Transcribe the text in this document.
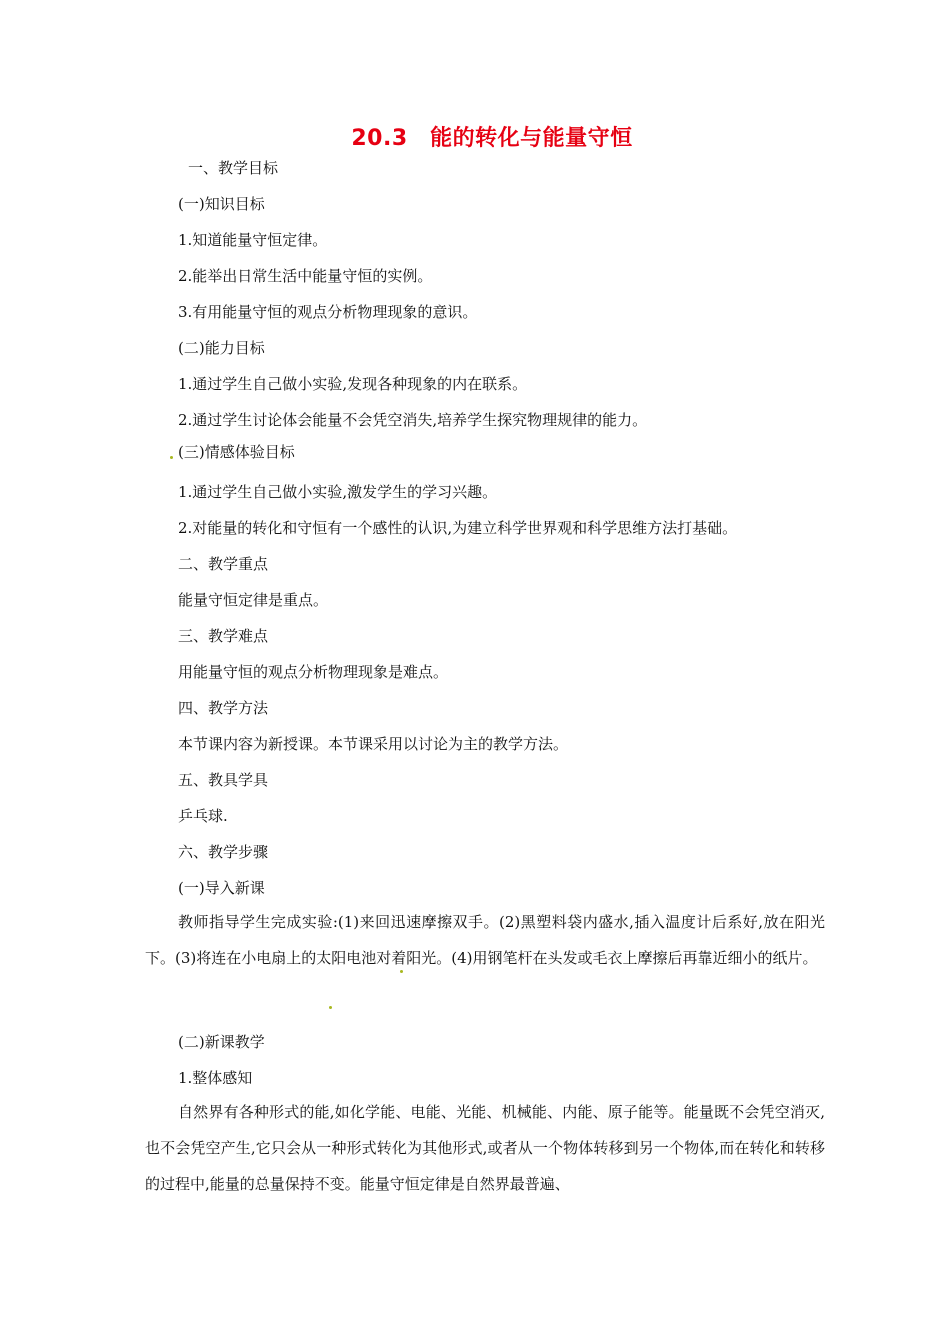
20.3　能的转化与能量守恒
一、教学目标
(一)知识目标
1.知道能量守恒定律。
2.能举出日常生活中能量守恒的实例。
3.有用能量守恒的观点分析物理现象的意识。
(二)能力目标
1.通过学生自己做小实验,发现各种现象的内在联系。
2.通过学生讨论体会能量不会凭空消失,培养学生探究物理规律的能力。
(三)情感体验目标
1.通过学生自己做小实验,激发学生的学习兴趣。
2.对能量的转化和守恒有一个感性的认识,为建立科学世界观和科学思维方法打基础。
二、教学重点
能量守恒定律是重点。
三、教学难点
用能量守恒的观点分析物理现象是难点。
四、教学方法
本节课内容为新授课。本节课采用以讨论为主的教学方法。
五、教具学具
乒乓球.
六、教学步骤
(一)导入新课
教师指导学生完成实验:(1)来回迅速摩擦双手。(2)黑塑料袋内盛水,插入温度计后系好,放在阳光下。(3)将连在小电扇上的太阳电池对着阳光。(4)用钢笔杆在头发或毛衣上摩擦后再靠近细小的纸片。
(二)新课教学
1.整体感知
自然界有各种形式的能,如化学能、电能、光能、机械能、内能、原子能等。能量既不会凭空消灭,也不会凭空产生,它只会从一种形式转化为其他形式,或者从一个物体转移到另一个物体,而在转化和转移的过程中,能量的总量保持不变。能量守恒定律是自然界最普遍、
